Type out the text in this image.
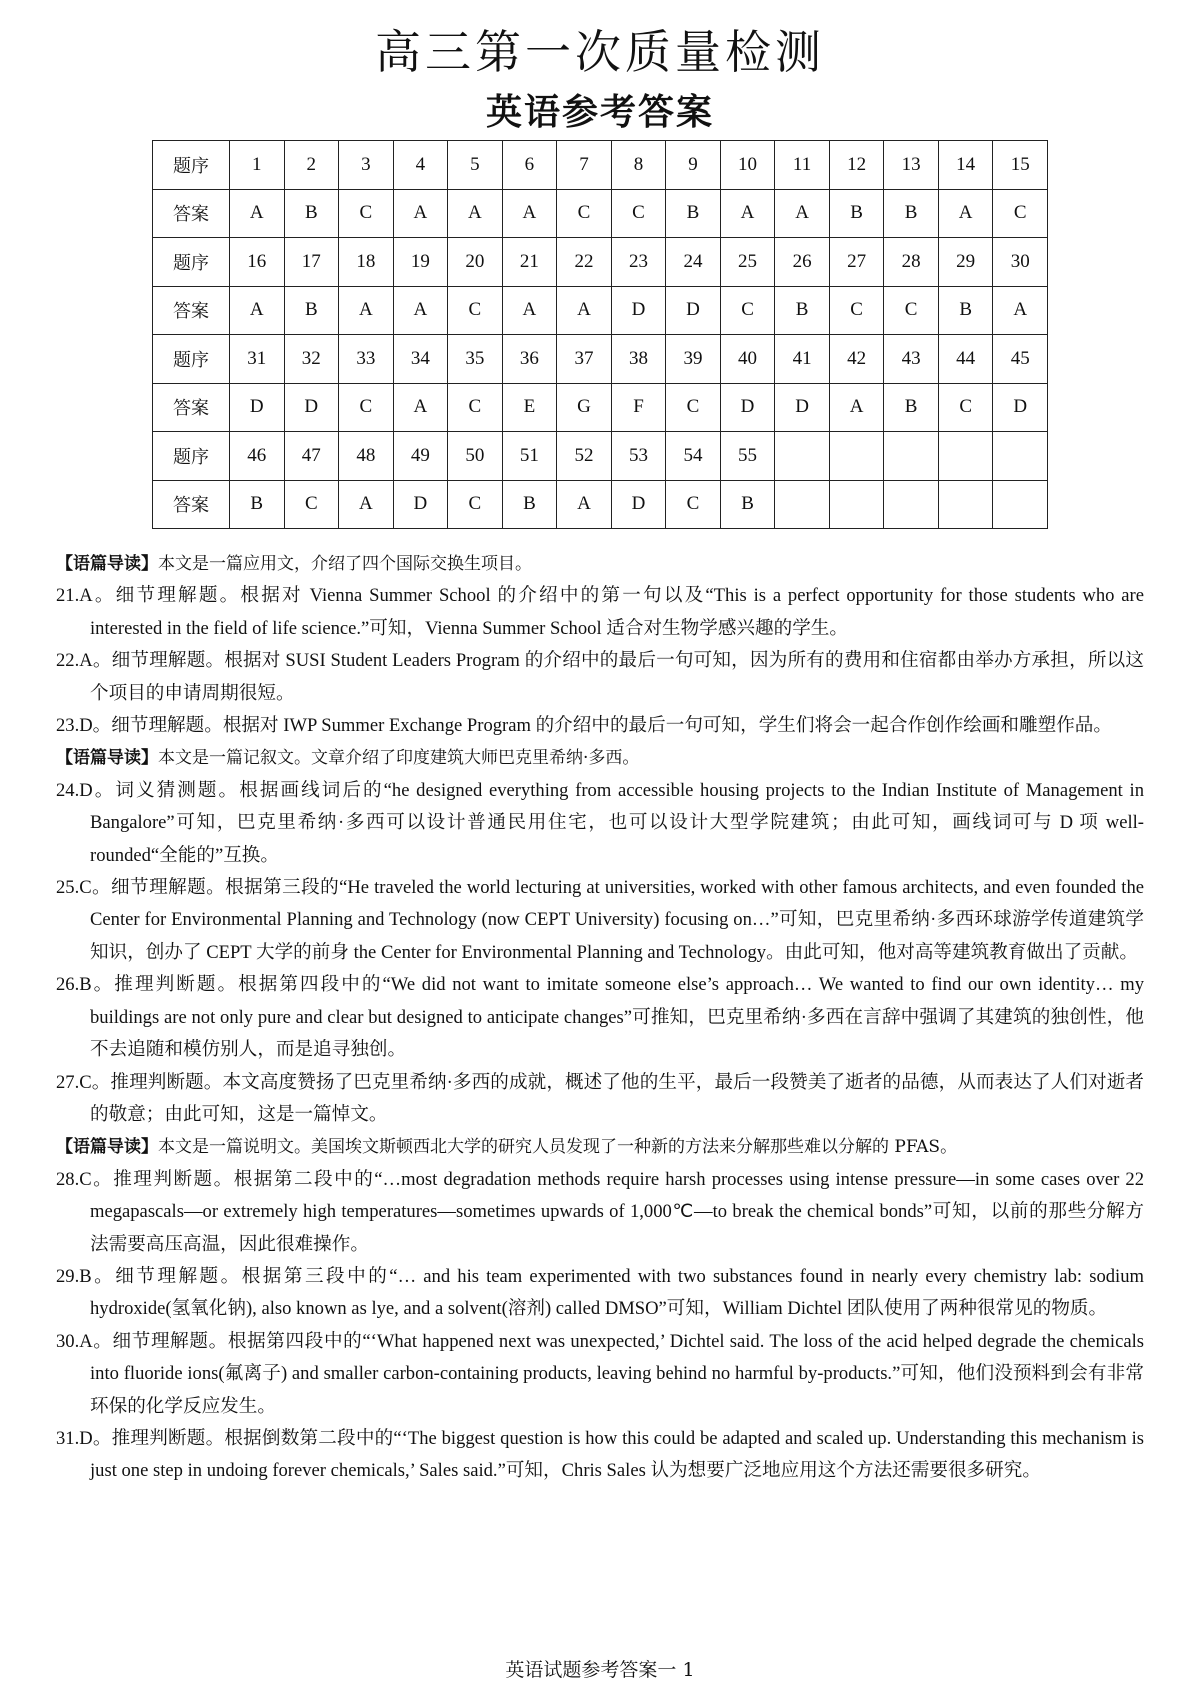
高三第一次质量检测
英语参考答案
题序	1	2	3	4	5	6	7	8	9	10	11	12	13	14	15
答案	A	B	C	A	A	A	C	C	B	A	A	B	B	A	C
题序	16	17	18	19	20	21	22	23	24	25	26	27	28	29	30
答案	A	B	A	A	C	A	A	D	D	C	B	C	C	B	A
题序	31	32	33	34	35	36	37	38	39	40	41	42	43	44	45
答案	D	D	C	A	C	E	G	F	C	D	D	A	B	C	D
题序	46	47	48	49	50	51	52	53	54	55					
答案	B	C	A	D	C	B	A	D	C	B					
【语篇导读】本文是一篇应用文，介绍了四个国际交换生项目。
21.A。细节理解题。根据对 Vienna Summer School 的介绍中的第一句以及“This is a perfect opportunity for those students who are interested in the field of life science.”可知，Vienna Summer School 适合对生物学感兴趣的学生。
22.A。细节理解题。根据对 SUSI Student Leaders Program 的介绍中的最后一句可知，因为所有的费用和住宿都由举办方承担，所以这个项目的申请周期很短。
23.D。细节理解题。根据对 IWP Summer Exchange Program 的介绍中的最后一句可知，学生们将会一起合作创作绘画和雕塑作品。
【语篇导读】本文是一篇记叙文。文章介绍了印度建筑大师巴克里希纳·多西。
24.D。词义猜测题。根据画线词后的“he designed everything from accessible housing projects to the Indian Institute of Management in Bangalore”可知，巴克里希纳·多西可以设计普通民用住宅，也可以设计大型学院建筑；由此可知，画线词可与 D 项 well-rounded“全能的”互换。
25.C。细节理解题。根据第三段的“He traveled the world lecturing at universities, worked with other famous architects, and even founded the Center for Environmental Planning and Technology (now CEPT University) focusing on…”可知，巴克里希纳·多西环球游学传道建筑学知识，创办了 CEPT 大学的前身 the Center for Environmental Planning and Technology。由此可知，他对高等建筑教育做出了贡献。
26.B。推理判断题。根据第四段中的“We did not want to imitate someone else’s approach… We wanted to find our own identity… my buildings are not only pure and clear but designed to anticipate changes”可推知，巴克里希纳·多西在言辞中强调了其建筑的独创性，他不去追随和模仿别人，而是追寻独创。
27.C。推理判断题。本文高度赞扬了巴克里希纳·多西的成就，概述了他的生平，最后一段赞美了逝者的品德，从而表达了人们对逝者的敬意；由此可知，这是一篇悼文。
【语篇导读】本文是一篇说明文。美国埃文斯顿西北大学的研究人员发现了一种新的方法来分解那些难以分解的 PFAS。
28.C。推理判断题。根据第二段中的“…most degradation methods require harsh processes using intense pressure—in some cases over 22 megapascals—or extremely high temperatures—sometimes upwards of 1,000℃—to break the chemical bonds”可知，以前的那些分解方法需要高压高温，因此很难操作。
29.B。细节理解题。根据第三段中的“… and his team experimented with two substances found in nearly every chemistry lab: sodium hydroxide(氢氧化钠), also known as lye, and a solvent(溶剂) called DMSO”可知，William Dichtel 团队使用了两种很常见的物质。
30.A。细节理解题。根据第四段中的“‘What happened next was unexpected,’ Dichtel said. The loss of the acid helped degrade the chemicals into fluoride ions(氟离子) and smaller carbon-containing products, leaving behind no harmful by-products.”可知，他们没预料到会有非常环保的化学反应发生。
31.D。推理判断题。根据倒数第二段中的“‘The biggest question is how this could be adapted and scaled up. Understanding this mechanism is just one step in undoing forever chemicals,’ Sales said.”可知，Chris Sales 认为想要广泛地应用这个方法还需要很多研究。
英语试题参考答案一 1
